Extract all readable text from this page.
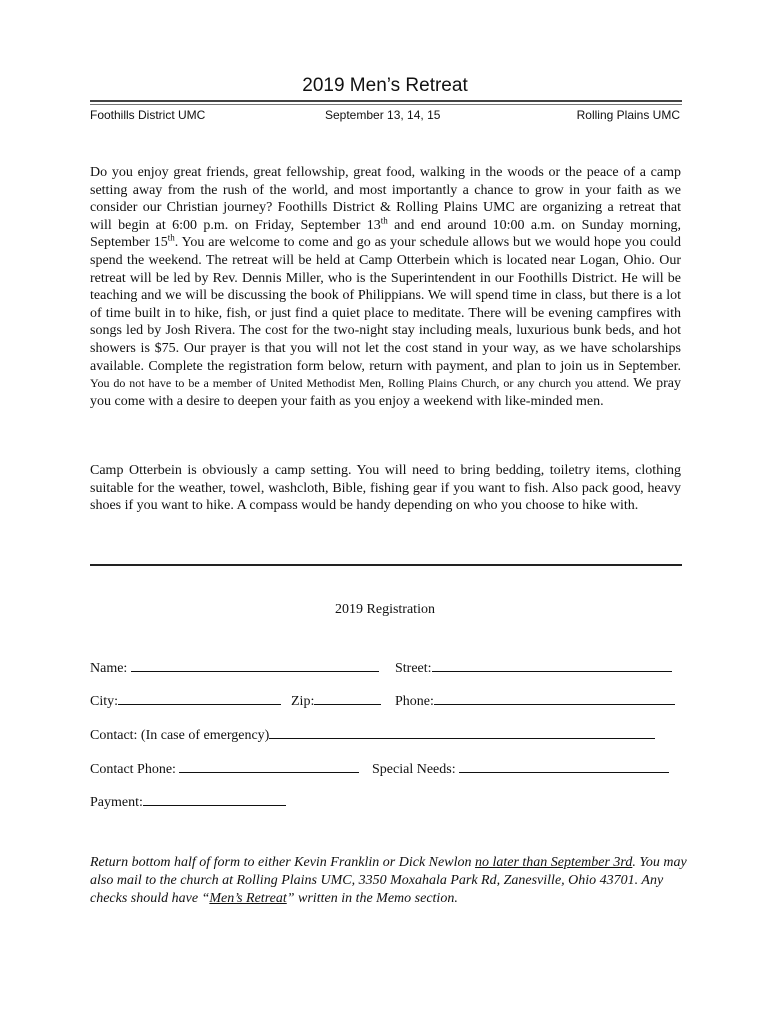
2019 Men’s Retreat
Foothills District UMC	September 13, 14, 15	Rolling Plains UMC
Do you enjoy great friends, great fellowship, great food, walking in the woods or the peace of a camp setting away from the rush of the world, and most importantly a chance to grow in your faith as we consider our Christian journey? Foothills District & Rolling Plains UMC are organizing a retreat that will begin at 6:00 p.m. on Friday, September 13th and end around 10:00 a.m. on Sunday morning, September 15th. You are welcome to come and go as your schedule allows but we would hope you could spend the weekend. The retreat will be held at Camp Otterbein which is located near Logan, Ohio. Our retreat will be led by Rev. Dennis Miller, who is the Superintendent in our Foothills District. He will be teaching and we will be discussing the book of Philippians. We will spend time in class, but there is a lot of time built in to hike, fish, or just find a quiet place to meditate. There will be evening campfires with songs led by Josh Rivera. The cost for the two-night stay including meals, luxurious bunk beds, and hot showers is $75. Our prayer is that you will not let the cost stand in your way, as we have scholarships available. Complete the registration form below, return with payment, and plan to join us in September. You do not have to be a member of United Methodist Men, Rolling Plains Church, or any church you attend. We pray you come with a desire to deepen your faith as you enjoy a weekend with like-minded men.
Camp Otterbein is obviously a camp setting. You will need to bring bedding, toiletry items, clothing suitable for the weather, towel, washcloth, Bible, fishing gear if you want to fish. Also pack good, heavy shoes if you want to hike. A compass would be handy depending on who you choose to hike with.
2019 Registration
Name:	Street:
City:	Zip:	Phone:
Contact: (In case of emergency)
Contact Phone:	Special Needs:
Payment:
Return bottom half of form to either Kevin Franklin or Dick Newlon no later than September 3rd. You may also mail to the church at Rolling Plains UMC, 3350 Moxahala Park Rd, Zanesville, Ohio 43701. Any checks should have “Men’s Retreat” written in the Memo section.
